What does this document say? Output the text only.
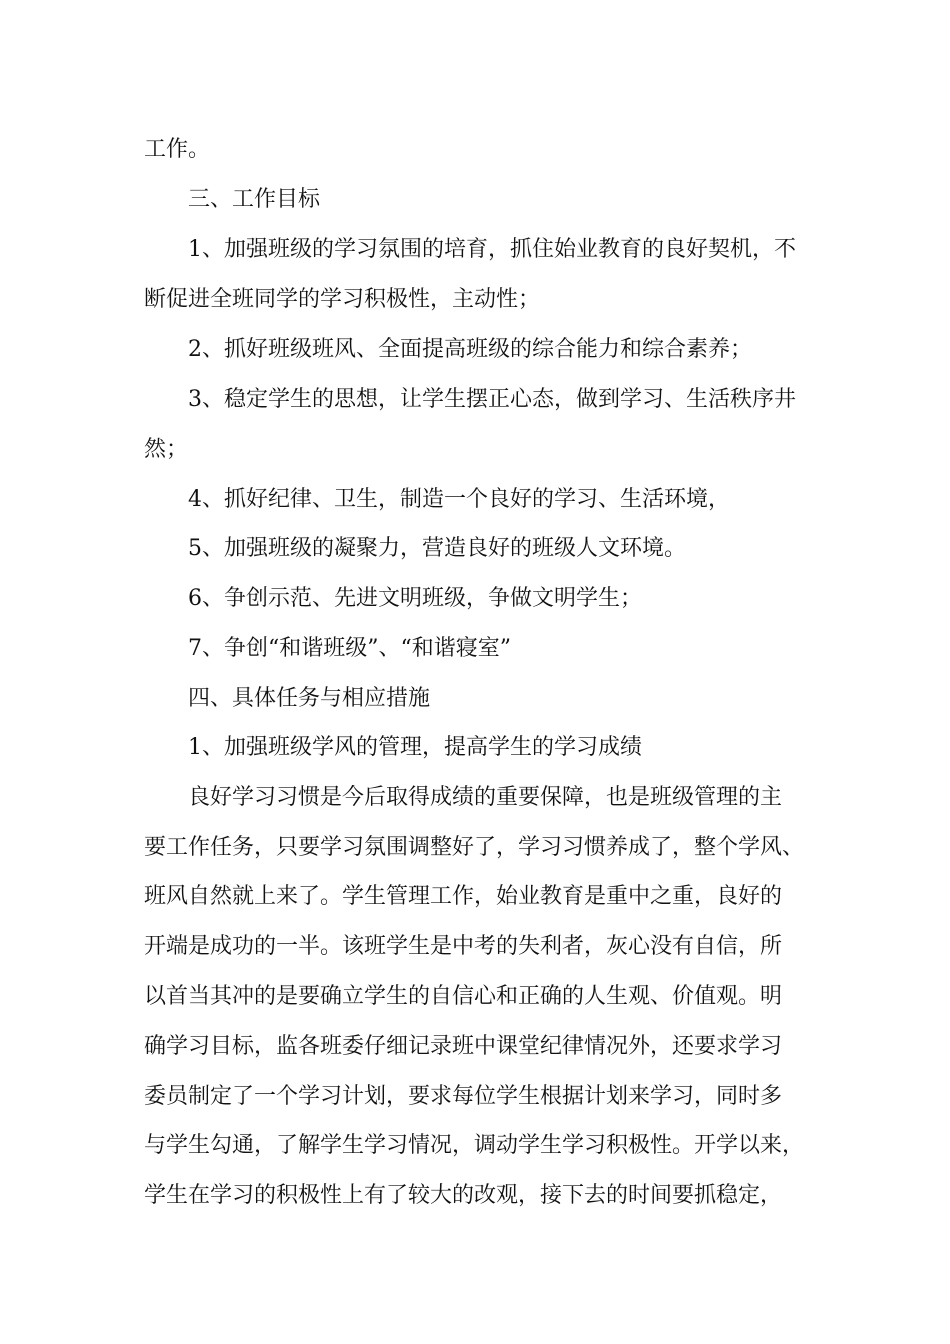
工作。
三、工作目标
1、加强班级的学习氛围的培育，抓住始业教育的良好契机，不
断促进全班同学的学习积极性，主动性；
2、抓好班级班风、全面提高班级的综合能力和综合素养；
3、稳定学生的思想，让学生摆正心态，做到学习、生活秩序井
然；
4、抓好纪律、卫生，制造一个良好的学习、生活环境，
5、加强班级的凝聚力，营造良好的班级人文环境。
6、争创示范、先进文明班级，争做文明学生；
7、争创“和谐班级”、“和谐寝室”
四、具体任务与相应措施
1、加强班级学风的管理，提高学生的学习成绩
良好学习习惯是今后取得成绩的重要保障，也是班级管理的主
要工作任务，只要学习氛围调整好了，学习习惯养成了，整个学风、
班风自然就上来了。学生管理工作，始业教育是重中之重，良好的
开端是成功的一半。该班学生是中考的失利者，灰心没有自信，所
以首当其冲的是要确立学生的自信心和正确的人生观、价值观。明
确学习目标，监各班委仔细记录班中课堂纪律情况外，还要求学习
委员制定了一个学习计划，要求每位学生根据计划来学习，同时多
与学生勾通，了解学生学习情况，调动学生学习积极性。开学以来，
学生在学习的积极性上有了较大的改观，接下去的时间要抓稳定，
